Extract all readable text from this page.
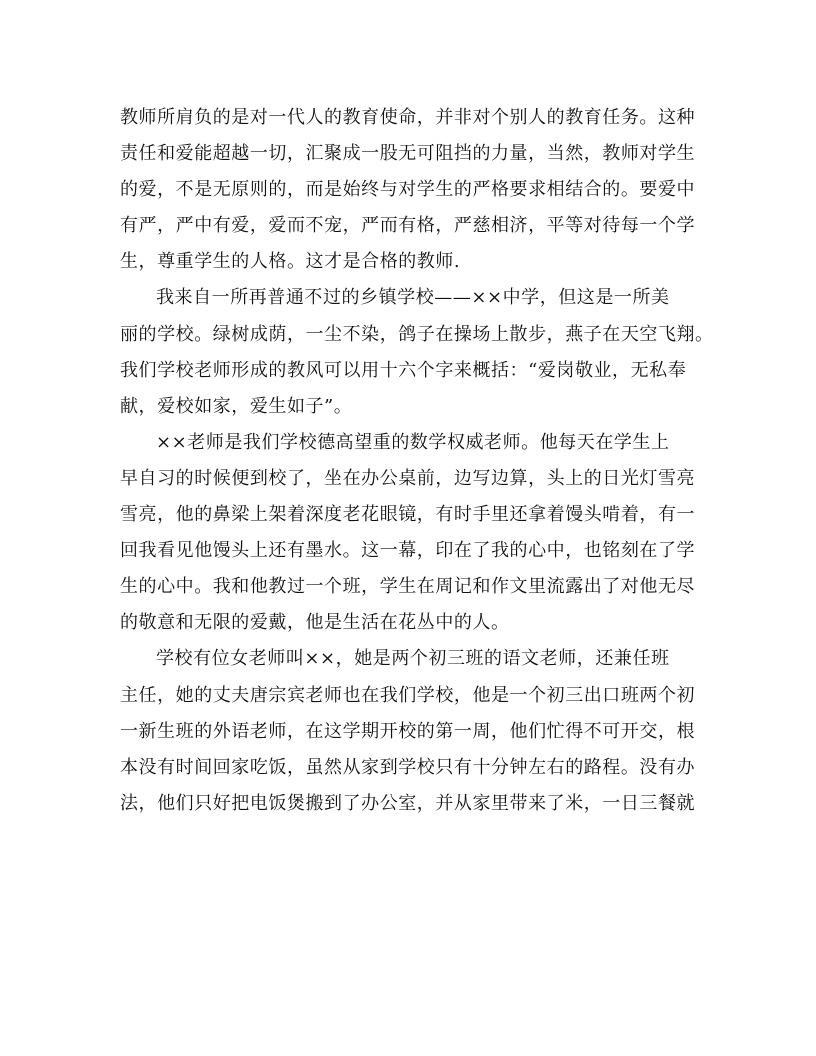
教师所肩负的是对一代人的教育使命，并非对个别人的教育任务。这种
责任和爱能超越一切，汇聚成一股无可阻挡的力量，当然，教师对学生
的爱，不是无原则的，而是始终与对学生的严格要求相结合的。要爱中
有严，严中有爱，爱而不宠，严而有格，严慈相济，平等对待每一个学
生，尊重学生的人格。这才是合格的教师.
我来自一所再普通不过的乡镇学校——××中学，但这是一所美
丽的学校。绿树成荫，一尘不染，鸽子在操场上散步，燕子在天空飞翔。
我们学校老师形成的教风可以用十六个字来概括：“爱岗敬业，无私奉
献，爱校如家，爱生如子”。
××老师是我们学校德高望重的数学权威老师。他每天在学生上
早自习的时候便到校了，坐在办公桌前，边写边算，头上的日光灯雪亮
雪亮，他的鼻梁上架着深度老花眼镜，有时手里还拿着馒头啃着，有一
回我看见他馒头上还有墨水。这一幕，印在了我的心中，也铭刻在了学
生的心中。我和他教过一个班，学生在周记和作文里流露出了对他无尽
的敬意和无限的爱戴，他是生活在花丛中的人。
学校有位女老师叫××，她是两个初三班的语文老师，还兼任班
主任，她的丈夫唐宗宾老师也在我们学校，他是一个初三出口班两个初
一新生班的外语老师，在这学期开校的第一周，他们忙得不可开交，根
本没有时间回家吃饭，虽然从家到学校只有十分钟左右的路程。没有办
法，他们只好把电饭煲搬到了办公室，并从家里带来了米，一日三餐就
